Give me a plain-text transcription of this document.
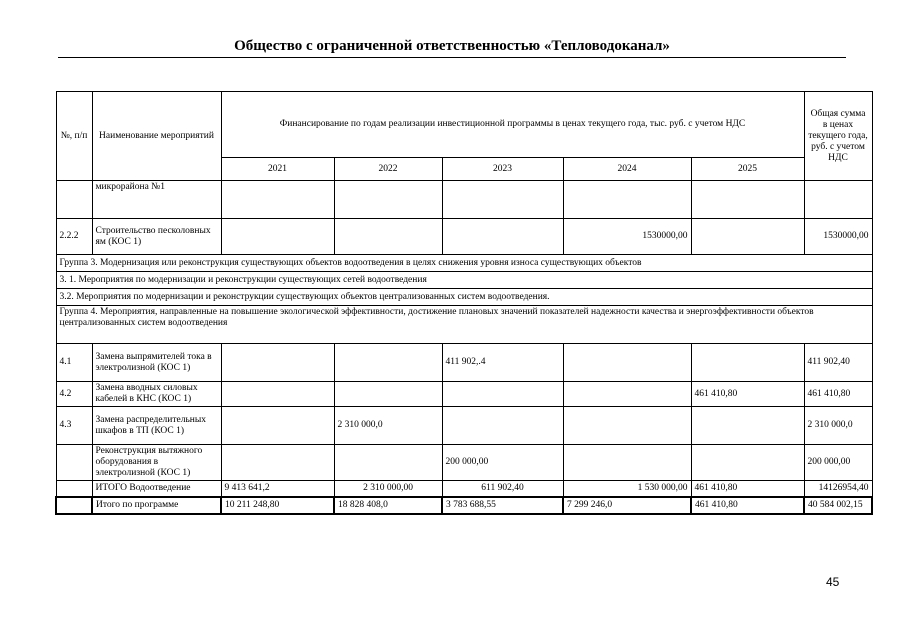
Общество с ограниченной ответственностью «Тепловодоканал»
№, п/п	Наименование мероприятий	Финансирование по годам реализации инвестиционной программы в ценах текущего года, тыс. руб. с учетом НДС					Общая сумма в ценах текущего года, руб. с учетом НДС
		2021	2022	2023	2024	2025	
	микрорайона №1						
2.2.2	Строительство песколовных ям (КОС 1)				1530000,00		1530000,00
Группа 3. Модернизация или реконструкция существующих объектов водоотведения в целях снижения уровня износа существующих объектов							
3. 1. Мероприятия по модернизации и реконструкции существующих сетей водоотведения							
3.2. Мероприятия по модернизации и реконструкции существующих объектов централизованных систем водоотведения.							
Группа 4. Мероприятия, направленные на повышение экологической эффективности, достижение плановых значений показателей надежности качества и энергоэффективности объектов централизованных систем водоотведения							
4.1	Замена выпрямителей тока в электролизной (КОС 1)			411 902,.4			411 902,40
4.2	Замена вводных силовых кабелей в КНС (КОС 1)					461 410,80	461 410,80
4.3	Замена распределительных шкафов в ТП (КОС 1)		2 310 000,0				2 310 000,0
	Реконструкция вытяжного оборудования в электролизной (КОС 1)			200 000,00			200 000,00
	ИТОГО Водоотведение	9 413 641,2	2 310 000,00	611 902,40	1 530 000,00	461 410,80	14126954,40
	Итого по программе	10 211 248,80	18 828 408,0	3 783 688,55	7 299 246,0	461 410,80	40 584 002,15
45
